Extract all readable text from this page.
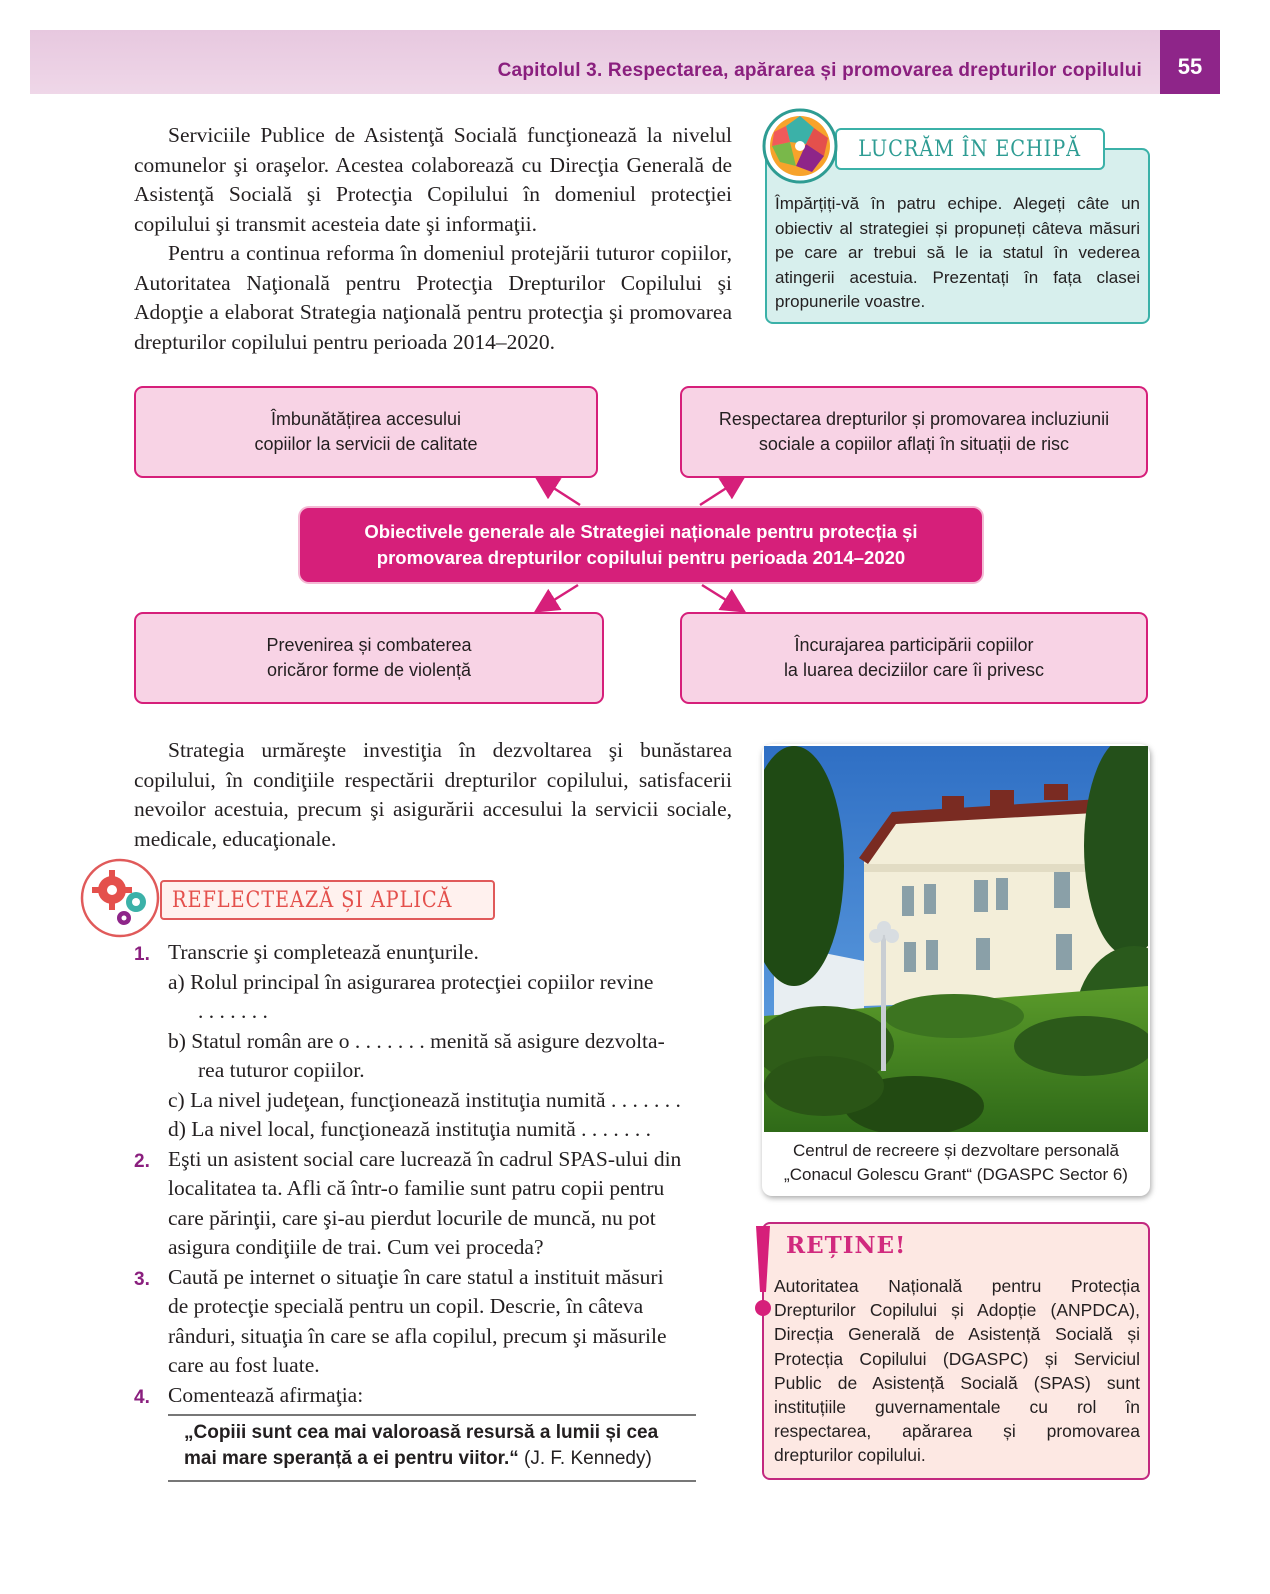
Capitolul 3. Respectarea, apărarea și promovarea drepturilor copilului	55

Serviciile Publice de Asistenţă Socială funcţionează la nivelul comunelor şi oraşelor. Acestea colaborează cu Direcţia Generală de Asistenţă Socială şi Protecţia Copilului în domeniul protecţiei copilului şi transmit acesteia date şi informaţii.

Pentru a continua reforma în domeniul protejării tuturor copiilor, Autoritatea Naţională pentru Protecţia Drepturilor Copilului şi Adopţie a elaborat Strategia naţională pentru protecţia şi promovarea drepturilor copilului pentru perioada 2014–2020.

LUCRĂM ÎN ECHIPĂ
Împărțiți-vă în patru echipe. Alegeți câte un obiectiv al strategiei și propuneți câteva măsuri pe care ar trebui să le ia statul în vederea atingerii acestuia. Prezentați în fața clasei propunerile voastre.
Îmbunătățirea accesului
copiilor la servicii de calitate
Respectarea drepturilor și promovarea incluziunii
sociale a copiilor aflați în situații de risc
Obiectivele generale ale Strategiei naționale pentru protecția și
promovarea drepturilor copilului pentru perioada 2014–2020
Prevenirea și combaterea
oricăror forme de violență
Încurajarea participării copiilor
la luarea deciziilor care îi privesc

Strategia urmăreşte investiţia în dezvoltarea şi bunăstarea copilului, în condiţiile respectării drepturilor copilului, satisfacerii nevoilor acestuia, precum şi asigurării accesului la servicii sociale, medicale, educaţionale.

Centrul de recreere și dezvoltare personală
„Conacul Golescu Grant“ (DGASPC Sector 6)
REFLECTEAZĂ ȘI APLICĂ
1. Transcrie şi completează enunţurile.
a) Rolul principal în asigurarea protecţiei copiilor revine
. . . . . . .
b) Statul român are o . . . . . . . menită să asigure dezvolta-
rea tuturor copiilor.
c) La nivel judeţean, funcţionează instituţia numită . . . . . . .
d) La nivel local, funcţionează instituţia numită . . . . . . .
2. Eşti un asistent social care lucrează în cadrul SPAS-ului din
localitatea ta. Afli că într-o familie sunt patru copii pentru
care părinţii, care şi-au pierdut locurile de muncă, nu pot
asigura condiţiile de trai. Cum vei proceda?
3. Caută pe internet o situaţie în care statul a instituit măsuri
de protecţie specială pentru un copil. Descrie, în câteva
rânduri, situaţia în care se afla copilul, precum şi măsurile
care au fost luate.
4. Comentează afirmaţia:
„Copiii sunt cea mai valoroasă resursă a lumii și cea
mai mare speranță a ei pentru viitor.“ (J. F. Kennedy)
REȚINE!
Autoritatea Națională pentru Protecția Drepturilor Copilului și Adopție (ANPDCA), Direcția Generală de Asistență Socială și Protecția Copilului (DGASPC) și Serviciul Public de Asistență Socială (SPAS) sunt instituțiile guvernamentale cu rol în respectarea, apărarea și promovarea drepturilor copilului.
